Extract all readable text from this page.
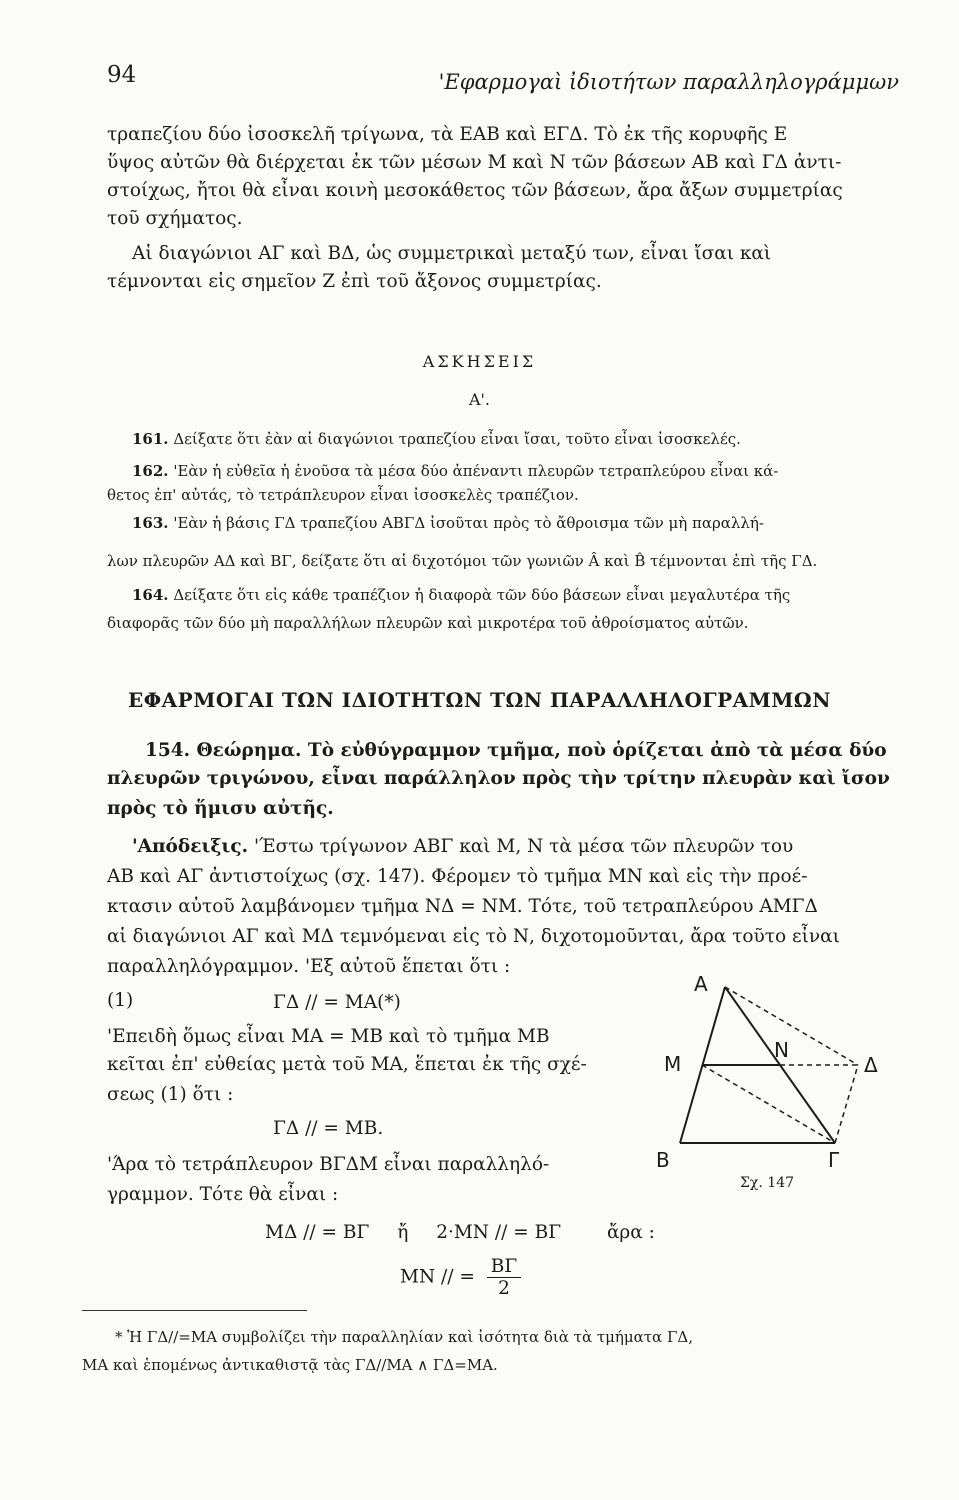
94	'Εφαρμογαὶ ἰδιοτήτων παραλληλογράμμων
τραπεζίου δύο ἰσοσκελῆ τρίγωνα, τὰ ΕΑΒ καὶ ΕΓΔ. Τὸ ἐκ τῆς κορυφῆς Ε
ὕψος αὐτῶν θὰ διέρχεται ἐκ τῶν μέσων Μ καὶ Ν τῶν βάσεων ΑΒ καὶ ΓΔ ἀντι-
στοίχως, ἤτοι θὰ εἶναι κοινὴ μεσοκάθετος τῶν βάσεων, ἄρα ἄξων συμμετρίας
τοῦ σχήματος.
Αἱ διαγώνιοι ΑΓ καὶ ΒΔ, ὡς συμμετρικαὶ μεταξύ των, εἶναι ἴσαι καὶ
τέμνονται εἰς σημεῖον Ζ ἐπὶ τοῦ ἄξονος συμμετρίας.
ΑΣΚΗΣΕΙΣ
Α'.
161. Δείξατε ὅτι ἐὰν αἱ διαγώνιοι τραπεζίου εἶναι ἴσαι, τοῦτο εἶναι ἰσοσκελές.
162. 'Εὰν ἡ εὐθεῖα ἡ ἑνοῦσα τὰ μέσα δύο ἀπέναντι πλευρῶν τετραπλεύρου εἶναι κά-
θετος ἐπ' αὐτάς, τὸ τετράπλευρον εἶναι ἰσοσκελὲς τραπέζιον.
163. 'Εὰν ἡ βάσις ΓΔ τραπεζίου ΑΒΓΔ ἰσοῦται πρὸς τὸ ἄθροισμα τῶν μὴ παραλλή-
λων πλευρῶν ΑΔ καὶ ΒΓ, δείξατε ὅτι αἱ διχοτόμοι τῶν γωνιῶν Â καὶ B̂ τέμνονται ἐπὶ τῆς ΓΔ.
164. Δείξατε ὅτι εἰς κάθε τραπέζιον ἡ διαφορὰ τῶν δύο βάσεων εἶναι μεγαλυτέρα τῆς
διαφορᾶς τῶν δύο μὴ παραλλήλων πλευρῶν καὶ μικροτέρα τοῦ ἀθροίσματος αὐτῶν.
ΕΦΑΡΜΟΓΑΙ ΤΩΝ ΙΔΙΟΤΗΤΩΝ ΤΩΝ ΠΑΡΑΛΛΗΛΟΓΡΑΜΜΩΝ
154. Θεώρημα. Τὸ εὐθύγραμμον τμῆμα, ποὺ ὁρίζεται ἀπὸ τὰ μέσα δύο
πλευρῶν τριγώνου, εἶναι παράλληλον πρὸς τὴν τρίτην πλευρὰν καὶ ἴσον
πρὸς τὸ ἥμισυ αὐτῆς.
'Απόδειξις. 'Έστω τρίγωνον ΑΒΓ καὶ Μ, Ν τὰ μέσα τῶν πλευρῶν του
ΑΒ καὶ ΑΓ ἀντιστοίχως (σχ. 147). Φέρομεν τὸ τμῆμα ΜΝ καὶ εἰς τὴν προέ-
κτασιν αὐτοῦ λαμβάνομεν τμῆμα ΝΔ = ΝΜ. Τότε, τοῦ τετραπλεύρου ΑΜΓΔ
αἱ διαγώνιοι ΑΓ καὶ ΜΔ τεμνόμεναι εἰς τὸ Ν, διχοτομοῦνται, ἄρα τοῦτο εἶναι
παραλληλόγραμμον. 'Εξ αὐτοῦ ἕπεται ὅτι :
(1)	ΓΔ // = ΜΑ(*)
'Επειδὴ ὅμως εἶναι ΜΑ = ΜΒ καὶ τὸ τμῆμα ΜΒ
κεῖται ἐπ' εὐθείας μετὰ τοῦ ΜΑ, ἕπεται ἐκ τῆς σχέ-
σεως (1) ὅτι :
ΓΔ // = ΜΒ.
'Άρα τὸ τετράπλευρον ΒΓΔΜ εἶναι παραλληλό-
γραμμον. Τότε θὰ εἶναι :
ΜΔ // = ΒΓ ἤ 2·ΜΝ // = ΒΓ ἄρα :
ΜΝ // = $\frac{B\Gamma}{2}$
Α
Μ
Ν
Δ
Β	Γ
Σχ. 147
* Ἡ ΓΔ//=ΜΑ συμβολίζει τὴν παραλληλίαν καὶ ἰσότητα διὰ τὰ τμήματα ΓΔ,
ΜΑ καὶ ἑπομένως ἀντικαθιστᾷ τὰς ΓΔ//ΜΑ ∧ ΓΔ=ΜΑ.
